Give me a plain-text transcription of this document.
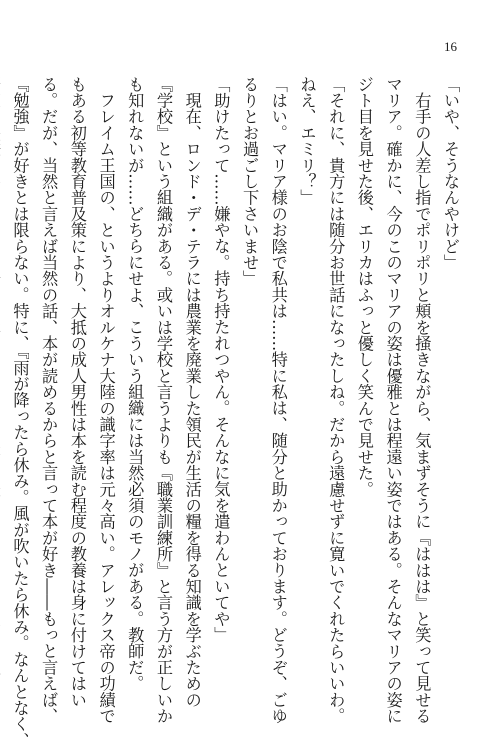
16
「いや、そうなんやけど」
　右手の人差し指でポリポリと頬を掻きながら、気まずそうに『ははは』と笑って見せる
マリア。確かに、今のこのマリアの姿は優雅とは程遠い姿ではある。そんなマリアの姿に
ジト目を見せた後、エリカはふっと優しく笑んで見せた。
「それに、貴方には随分お世話になったしね。だから遠慮せずに寛いでくれたらいいわ。
ねえ、エミリ？」
「はい。マリア様のお陰で私共は……特に私は、随分と助かっております。どうぞ、ごゆ
るりとお過ごし下さいませ」
「助けたって……嫌やな。持ち持たれつやん。そんなに気を遣わんといてや」
　現在、ロンド・デ・テラには農業を廃業した領民が生活の糧を得る知識を学ぶための
『学校』という組織がある。或いは学校と言うよりも『職業訓練所』と言う方が正しいか
も知れないが……どちらにせよ、こういう組織には当然必須のモノがある。教師だ。
　フレイム王国の、というよりオルケナ大陸の識字率は元々高い。アレックス帝の功績で
もある初等教育普及策により、大抵の成人男性は本を読む程度の教養は身に付けてはい
る。だが、当然と言えば当然の話、本が読めるからと言って本が好き――もっと言えば、
『勉強』が好きとは限らない。特に、『雨が降ったら休み。風が吹いたら休み。なんとなく、
